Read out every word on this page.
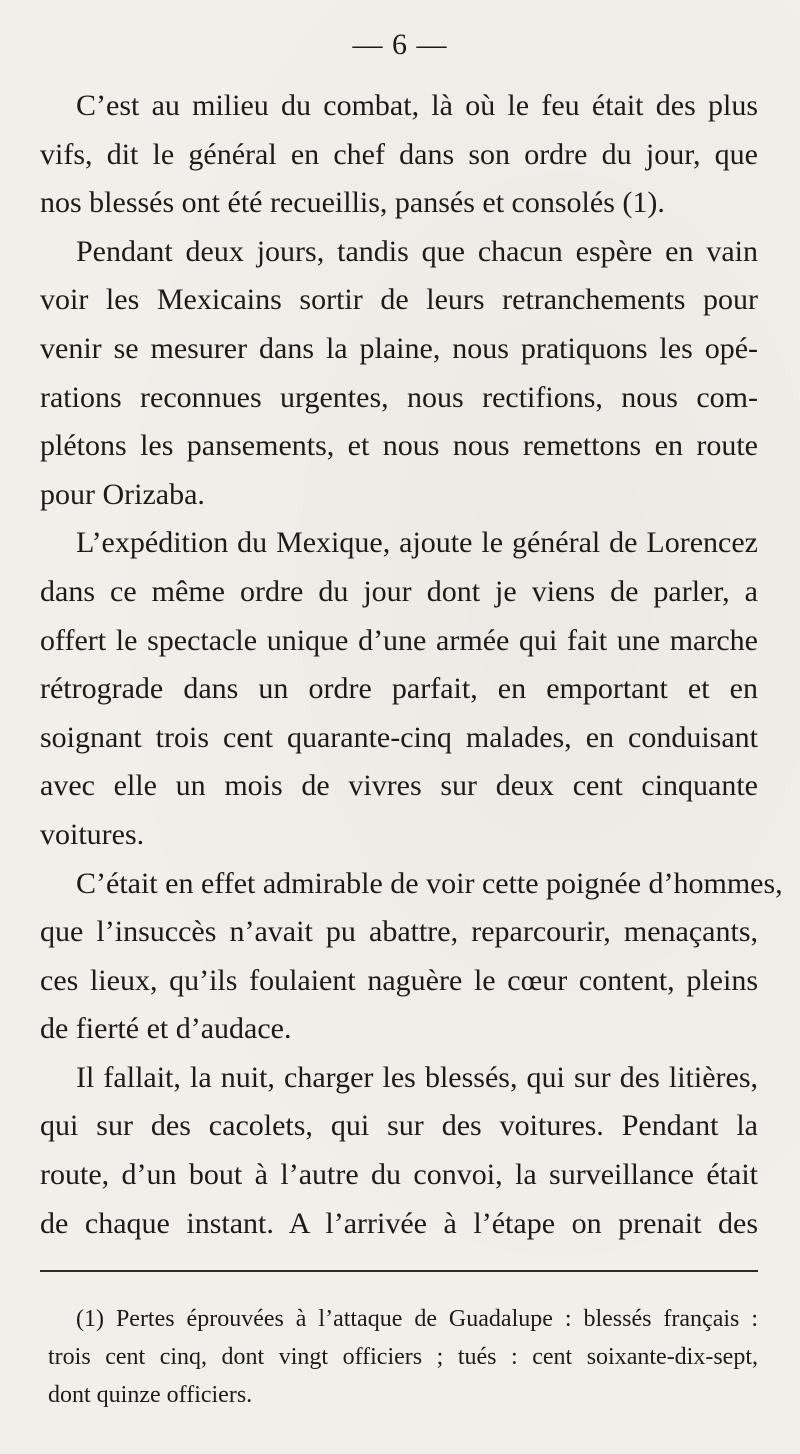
— 6 —
C’est au milieu du combat, là où le feu était des plus
vifs, dit le général en chef dans son ordre du jour, que
nos blessés ont été recueillis, pansés et consolés (1).
Pendant deux jours, tandis que chacun espère en vain
voir les Mexicains sortir de leurs retranchements pour
venir se mesurer dans la plaine, nous pratiquons les opé-
rations reconnues urgentes, nous rectifions, nous com-
plétons les pansements, et nous nous remettons en route
pour Orizaba.
L’expédition du Mexique, ajoute le général de Lorencez
dans ce même ordre du jour dont je viens de parler, a
offert le spectacle unique d’une armée qui fait une marche
rétrograde dans un ordre parfait, en emportant et en
soignant trois cent quarante-cinq malades, en conduisant
avec elle un mois de vivres sur deux cent cinquante
voitures.
C’était en effet admirable de voir cette poignée d’hommes,
que l’insuccès n’avait pu abattre, reparcourir, menaçants,
ces lieux, qu’ils foulaient naguère le cœur content, pleins
de fierté et d’audace.
Il fallait, la nuit, charger les blessés, qui sur des litières,
qui sur des cacolets, qui sur des voitures. Pendant la
route, d’un bout à l’autre du convoi, la surveillance était
de chaque instant. A l’arrivée à l’étape on prenait des
(1) Pertes éprouvées à l’attaque de Guadalupe : blessés français :
trois cent cinq, dont vingt officiers ; tués : cent soixante-dix-sept,
dont quinze officiers.
